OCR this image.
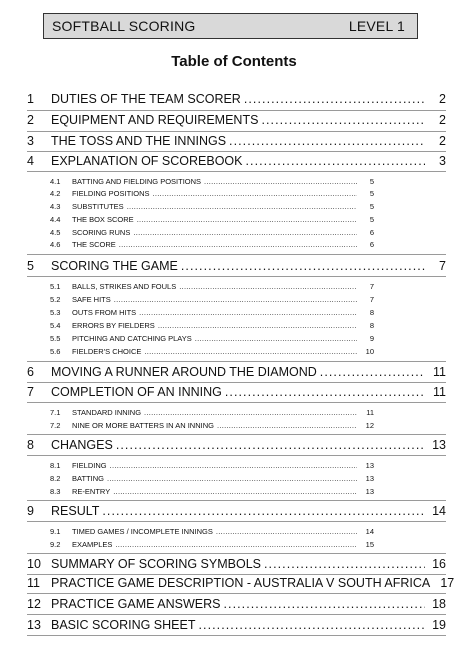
SOFTBALL SCORING	LEVEL 1
Table of Contents
1	DUTIES OF THE TEAM SCORER . . .	2
2	EQUIPMENT AND REQUIREMENTS . . .	2
3	THE TOSS AND THE INNINGS . . .	2
4	EXPLANATION OF SCOREBOOK . . .	3
4.1	BATTING AND FIELDING POSITIONS . . .	5
4.2	FIELDING POSITIONS . . .	5
4.3	SUBSTITUTES . . .	5
4.4	THE BOX SCORE . . .	5
4.5	SCORING RUNS . . .	6
4.6	THE SCORE . . .	6
5	SCORING THE GAME . . .	7
5.1	BALLS, STRIKES AND FOULS . . .	7
5.2	SAFE HITS . . .	7
5.3	OUTS FROM HITS . . .	8
5.4	ERRORS BY FIELDERS . . .	8
5.5	PITCHING AND CATCHING PLAYS . . .	9
5.6	FIELDER'S CHOICE . . .	10
6	MOVING A RUNNER AROUND THE DIAMOND . . .	11
7	COMPLETION OF AN INNING . . .	11
7.1	STANDARD INNING . . .	11
7.2	NINE OR MORE BATTERS IN AN INNING . . .	12
8	CHANGES . . .	13
8.1	FIELDING . . .	13
8.2	BATTING . . .	13
8.3	RE-ENTRY . . .	13
9	RESULT . . .	14
9.1	TIMED GAMES / INCOMPLETE INNINGS . . .	14
9.2	EXAMPLES . . .	15
10 SUMMARY OF SCORING SYMBOLS . . .	16
11 PRACTICE GAME DESCRIPTION - AUSTRALIA V SOUTH AFRICA 17
12 PRACTICE GAME ANSWERS . . .	18
13 BASIC SCORING SHEET . . .	19
